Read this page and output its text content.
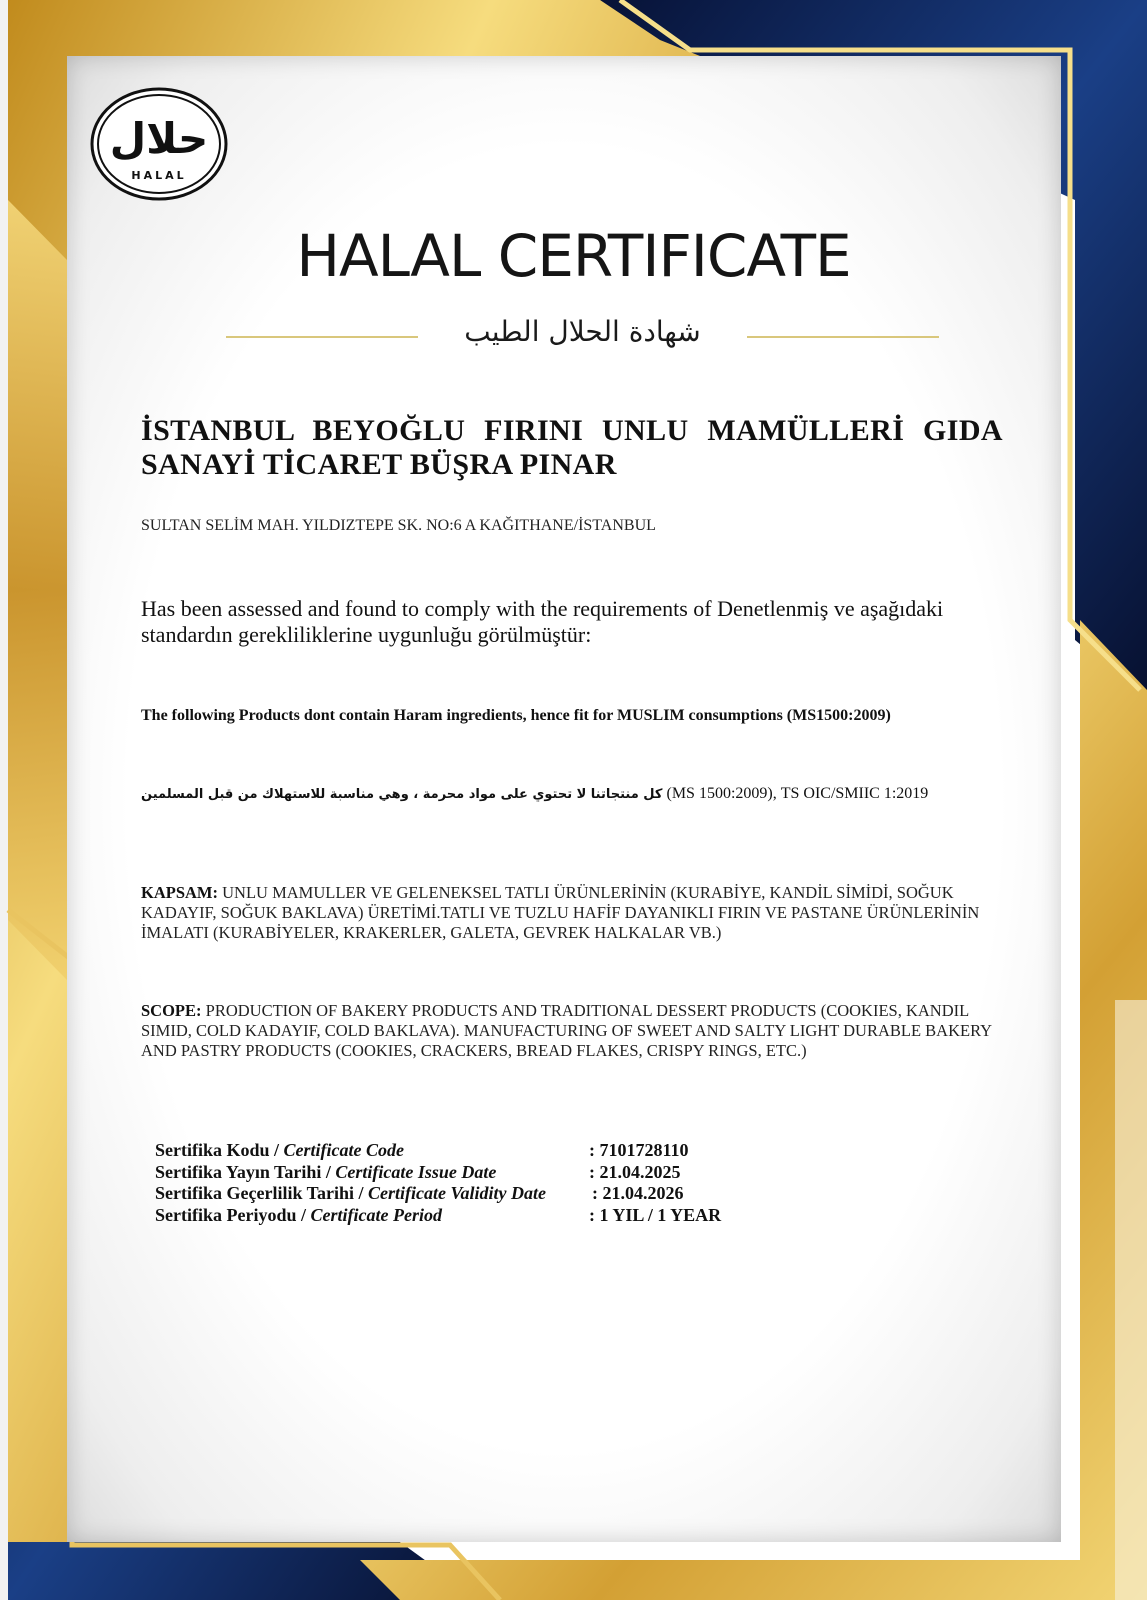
حلال
HALAL
HALAL CERTIFICATE
شهادة الحلال الطيب
İSTANBUL BEYOĞLU FIRINI UNLU MAMÜLLERİ GIDA SANAYİ TİCARET BÜŞRA PINAR
SULTAN SELİM MAH. YILDIZTEPE SK. NO:6 A KAĞITHANE/İSTANBUL
Has been assessed and found to comply with the requirements of Denetlenmiş ve aşağıdaki standardın gerekliliklerine uygunluğu görülmüştür:
The following Products dont contain Haram ingredients, hence fit for MUSLIM consumptions (MS1500:2009)
كل منتجاتنا لا تحتوي على مواد محرمة ، وهي مناسبة للاستهلاك من قبل المسلمين (MS 1500:2009), TS OIC/SMIIC 1:2019
KAPSAM: UNLU MAMULLER VE GELENEKSEL TATLI ÜRÜNLERİNİN (KURABİYE, KANDİL SİMİDİ, SOĞUK KADAYIF, SOĞUK BAKLAVA) ÜRETİMİ.TATLI VE TUZLU HAFİF DAYANIKLI FIRIN VE PASTANE ÜRÜNLERİNİN İMALATI (KURABİYELER, KRAKERLER, GALETA, GEVREK HALKALAR VB.)
SCOPE: PRODUCTION OF BAKERY PRODUCTS AND TRADITIONAL DESSERT PRODUCTS (COOKIES, KANDIL SIMID, COLD KADAYIF, COLD BAKLAVA). MANUFACTURING OF SWEET AND SALTY LIGHT DURABLE BAKERY AND PASTRY PRODUCTS (COOKIES, CRACKERS, BREAD FLAKES, CRISPY RINGS, ETC.)
Sertifika Kodu / Certificate Code	: 7101728110
Sertifika Yayın Tarihi / Certificate Issue Date	: 21.04.2025
Sertifika Geçerlilik Tarihi / Certificate Validity Date	: 21.04.2026
Sertifika Periyodu / Certificate Period	: 1 YIL / 1 YEAR
